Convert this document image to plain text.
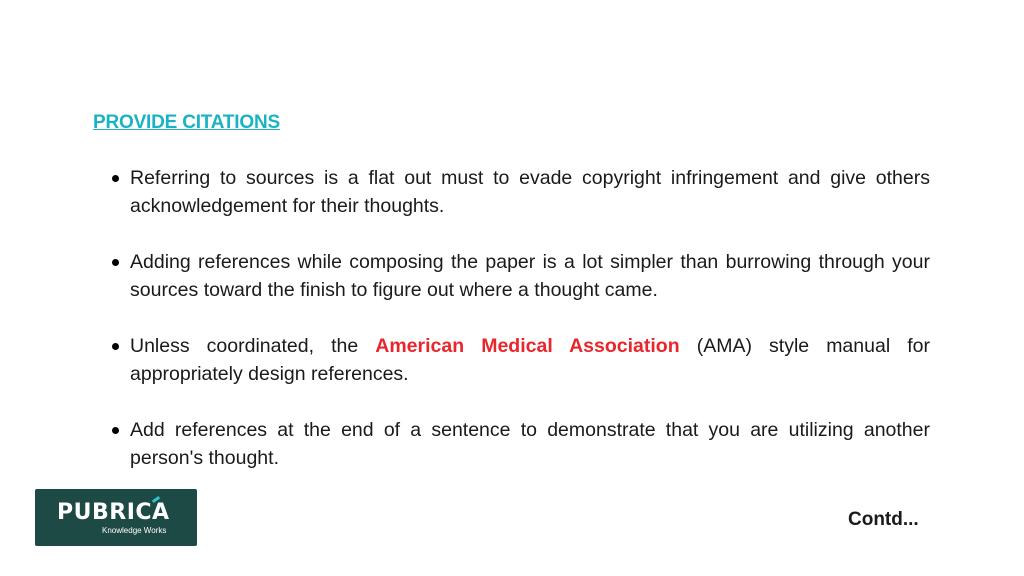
PROVIDE CITATIONS
Referring to sources is a flat out must to evade copyright infringement and give others acknowledgement for their thoughts.
Adding references while composing the paper is a lot simpler than burrowing through your sources toward the finish to figure out where a thought came.
Unless coordinated, the American Medical Association (AMA) style manual for appropriately design references.
Add references at the end of a sentence to demonstrate that you are utilizing another person's thought.
PUBRICA
Knowledge Works
Contd...
